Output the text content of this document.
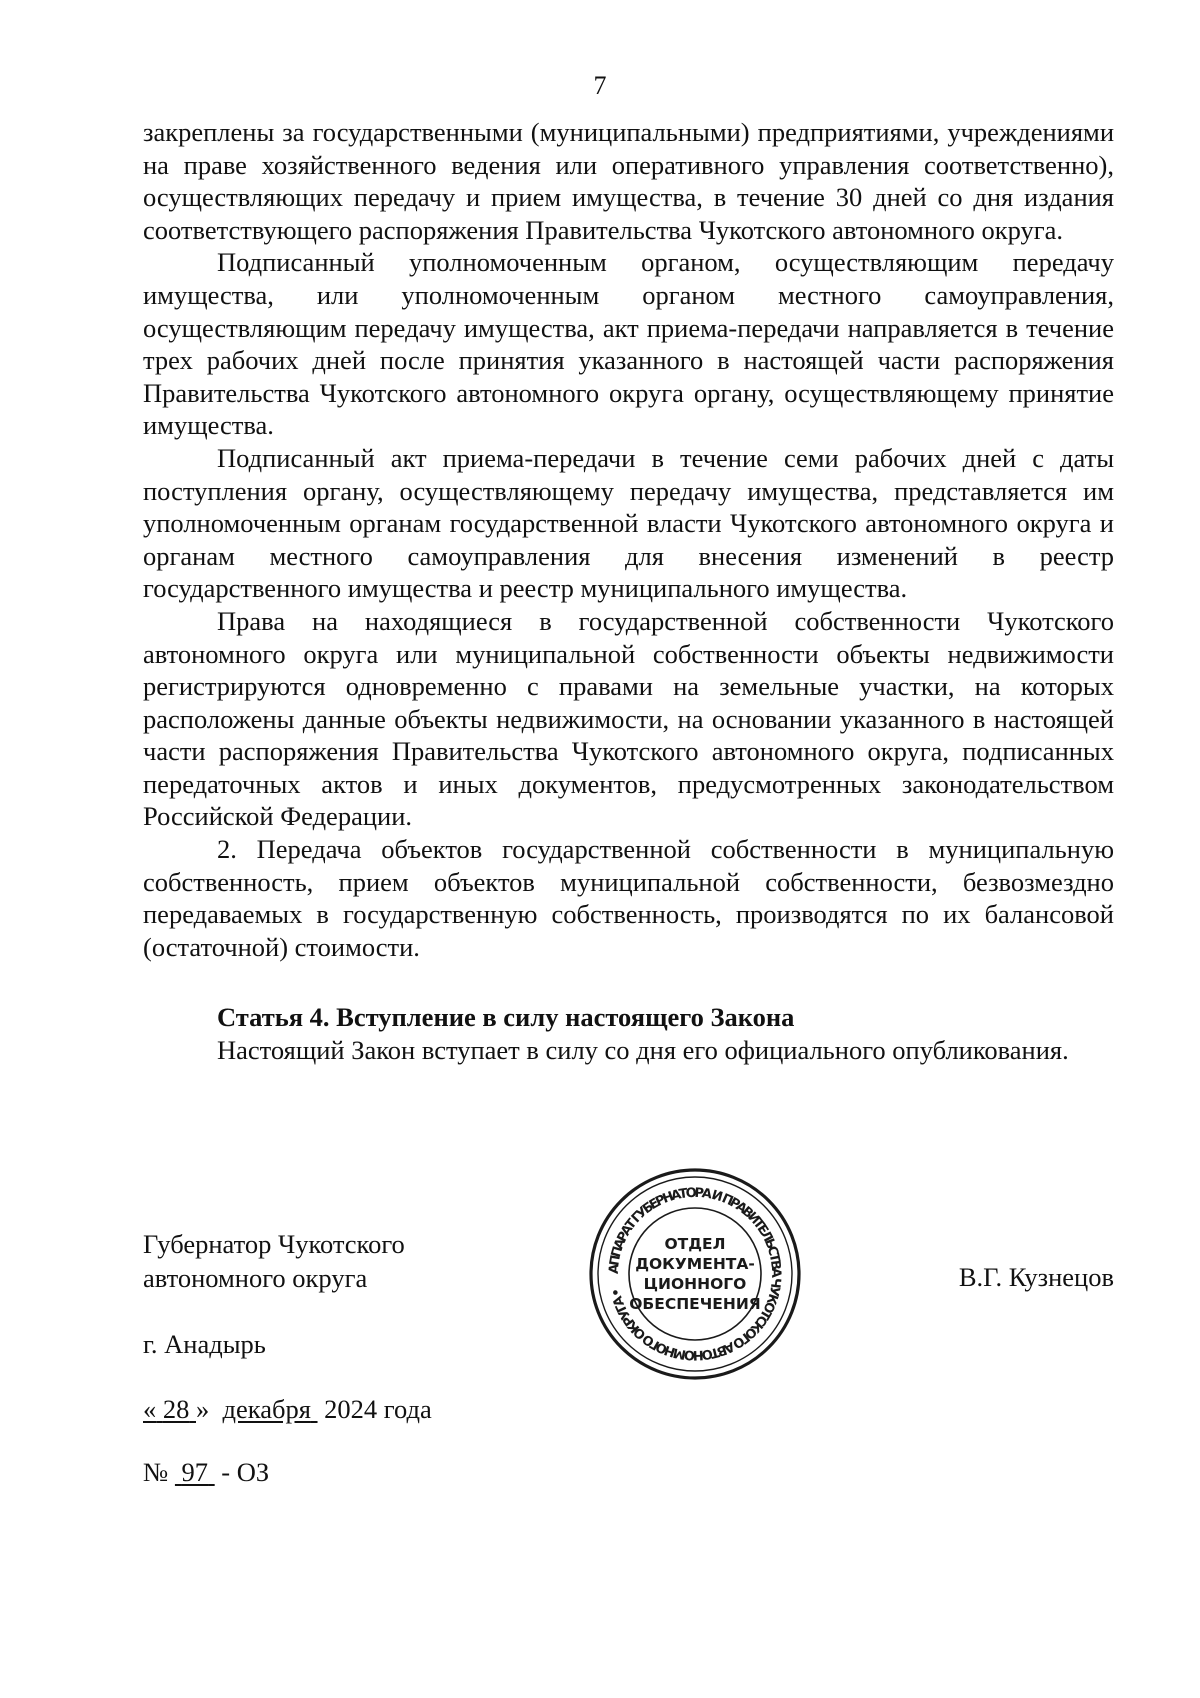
7

закреплены за государственными (муниципальными) предприятиями, учреждениями на праве хозяйственного ведения или оперативного управления соответственно), осуществляющих передачу и прием имущества, в течение 30 дней со дня издания соответствующего распоряжения Правительства Чукотского автономного округа.

Подписанный уполномоченным органом, осуществляющим передачу имущества, или уполномоченным органом местного самоуправления, осуществляющим передачу имущества, акт приема-передачи направляется в течение трех рабочих дней после принятия указанного в настоящей части распоряжения Правительства Чукотского автономного округа органу, осуществляющему принятие имущества.

Подписанный акт приема-передачи в течение семи рабочих дней с даты поступления органу, осуществляющему передачу имущества, представляется им уполномоченным органам государственной власти Чукотского автономного округа и органам местного самоуправления для внесения изменений в реестр государственного имущества и реестр муниципального имущества.

Права на находящиеся в государственной собственности Чукотского автономного округа или муниципальной собственности объекты недвижимости регистрируются одновременно с правами на земельные участки, на которых расположены данные объекты недвижимости, на основании указанного в настоящей части распоряжения Правительства Чукотского автономного округа, подписанных передаточных актов и иных документов, предусмотренных законодательством Российской Федерации.

2. Передача объектов государственной собственности в муниципальную собственность, прием объектов муниципальной собственности, безвозмездно передаваемых в государственную собственность, производятся по их балансовой (остаточной) стоимости.

Статья 4. Вступление в силу настоящего Закона

Настоящий Закон вступает в силу со дня его официального опубликования.

Губернатор Чукотского
автономного округа	АППАРАТ ГУБЕРНАТОРА И ПРАВИТЕЛЬСТВА ЧУКОТСКОГО АВТОНОМНОГО ОКРУГА •
ОТДЕЛ
ДОКУМЕНТА-
ЦИОННОГО
ОБЕСПЕЧЕНИЯ

В.Г. Кузнецов

г. Анадырь

« 28 » декабря 2024 года

№ 97 - ОЗ
